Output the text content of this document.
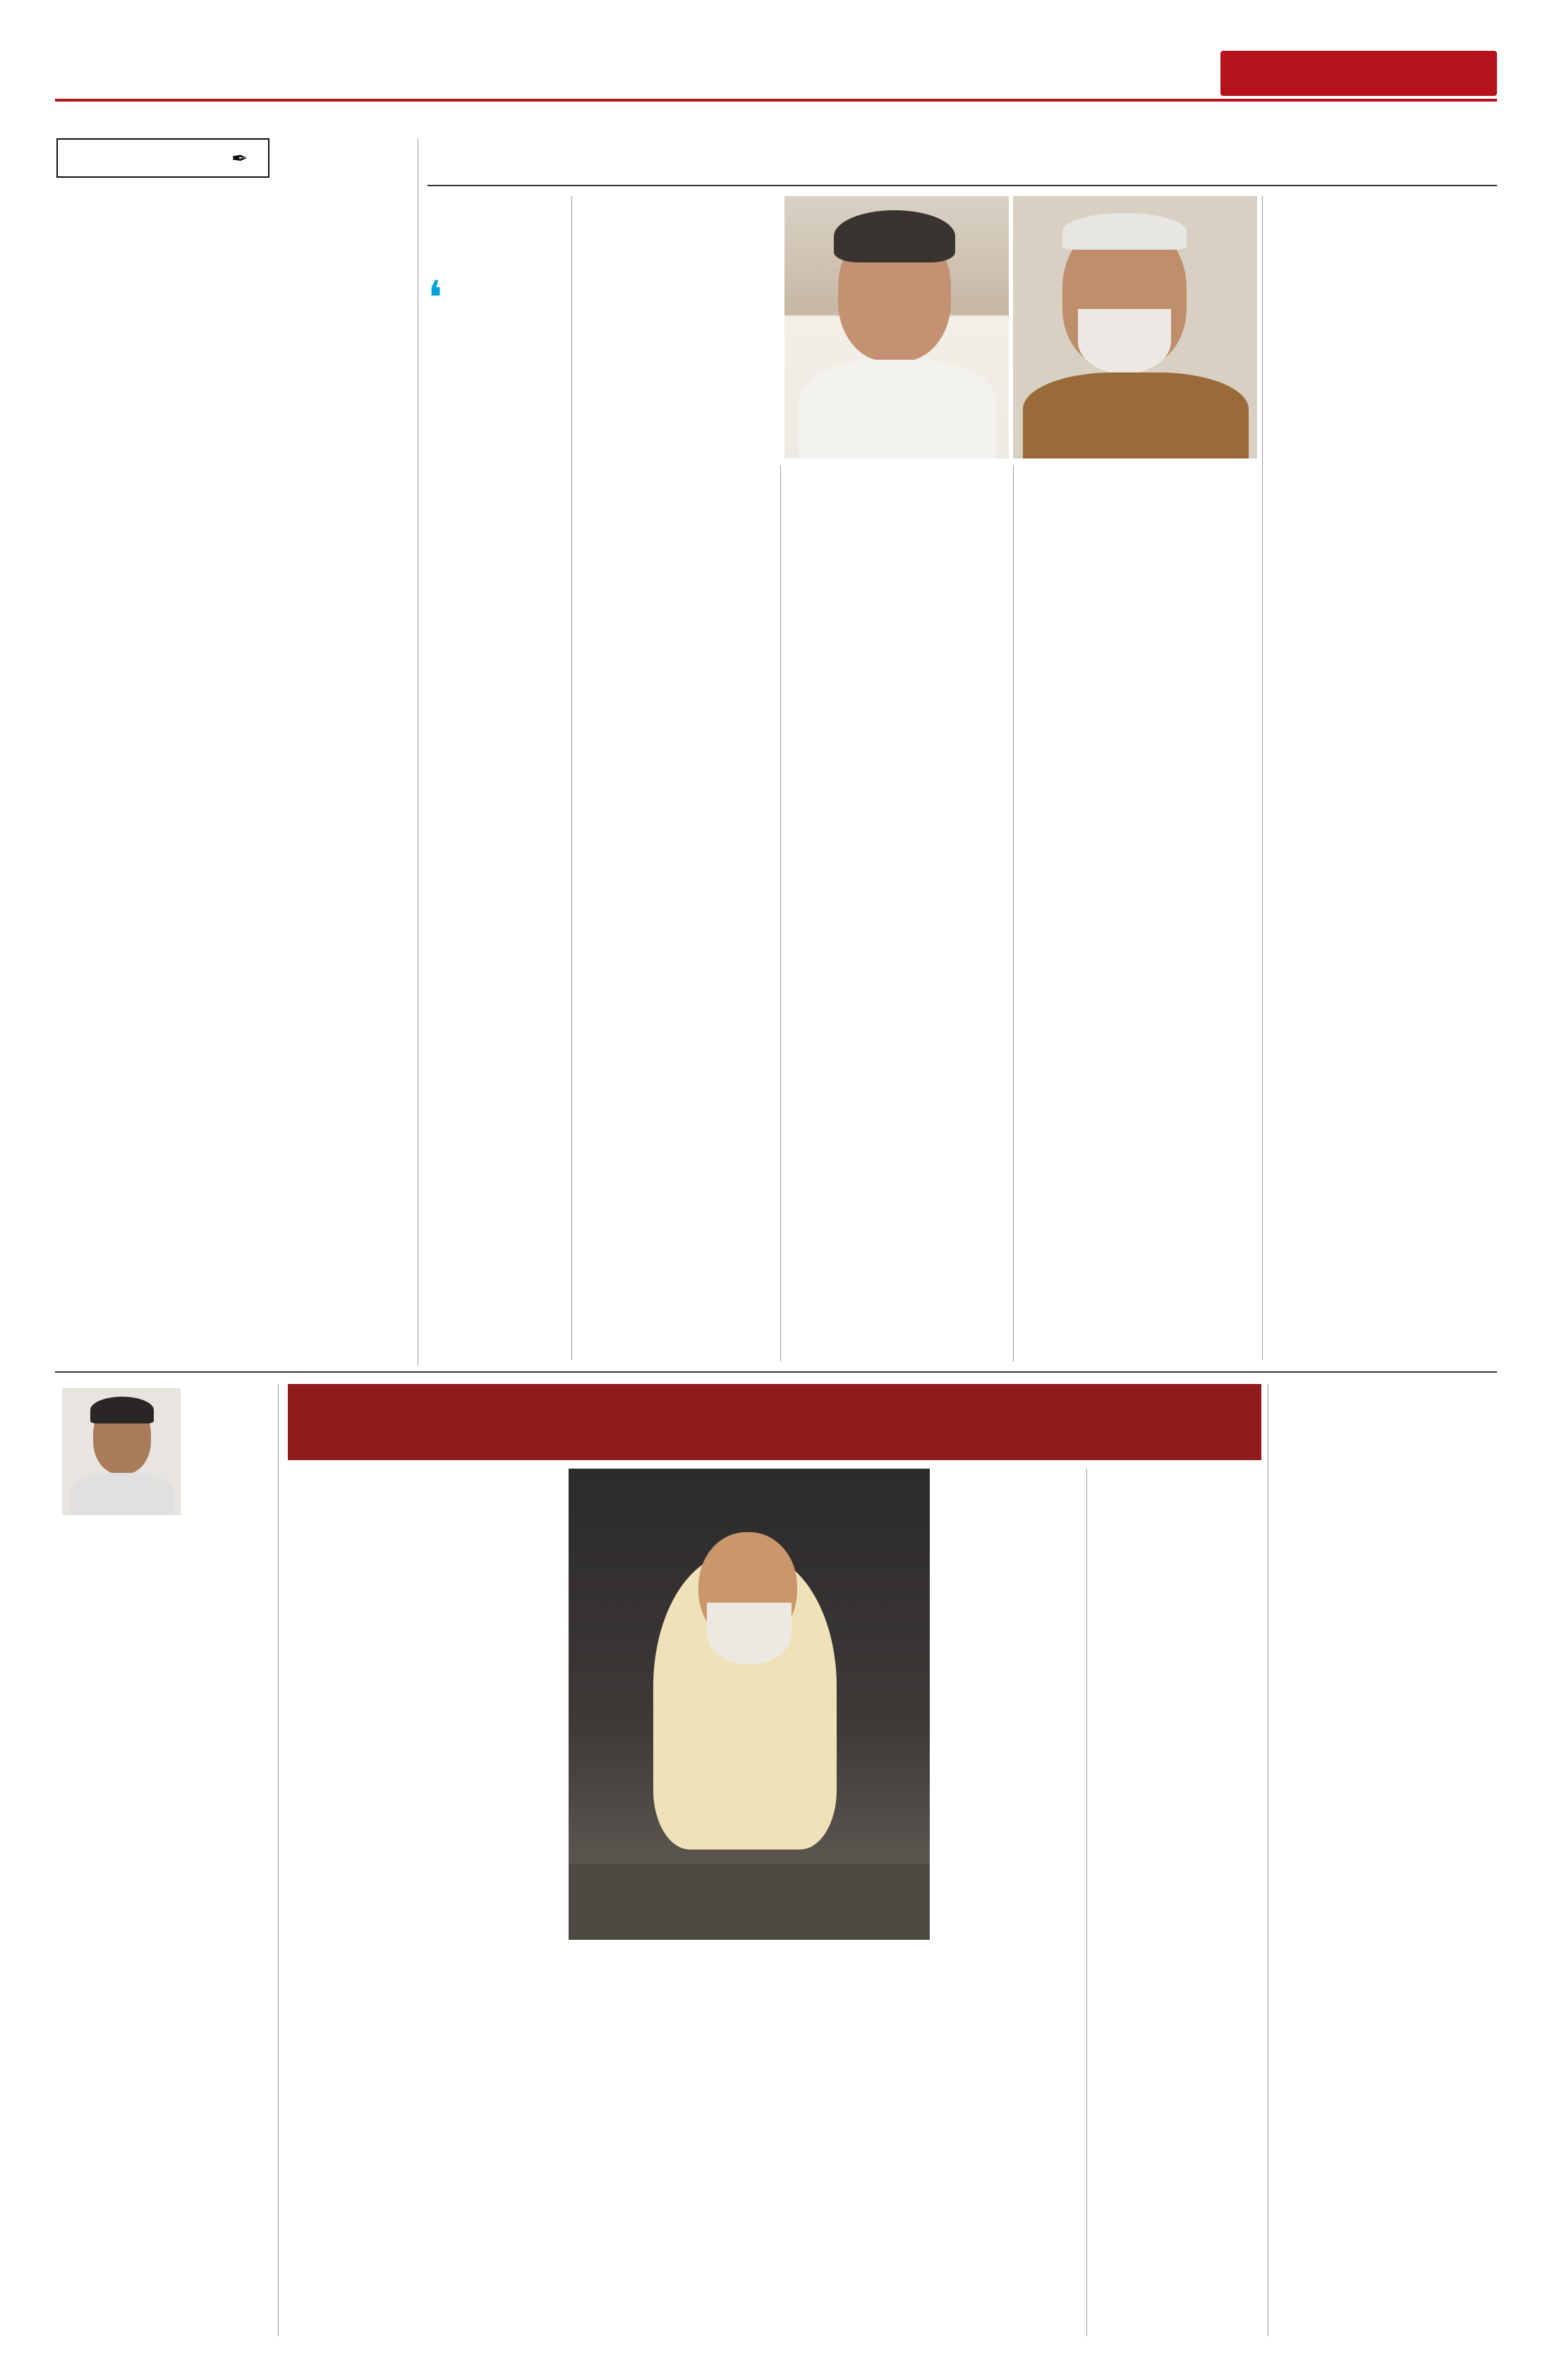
✒
❛
